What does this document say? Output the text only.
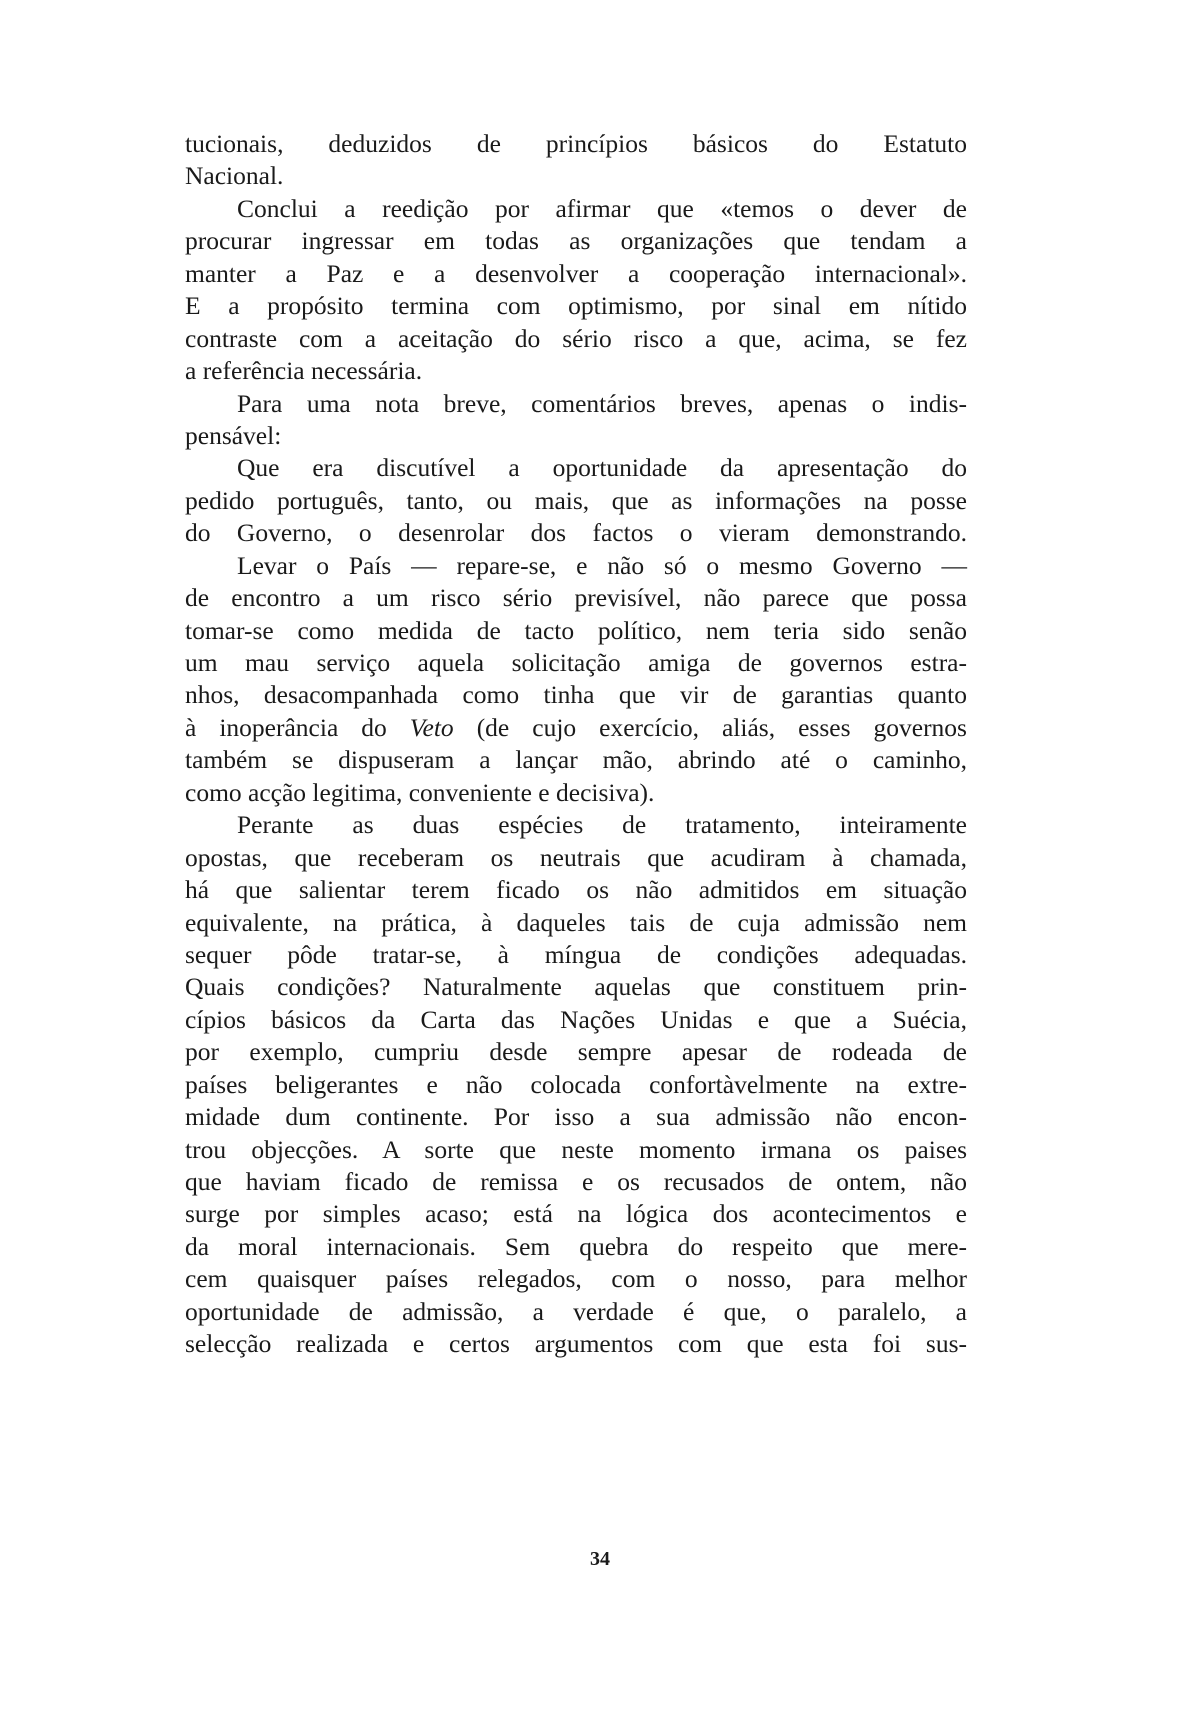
tucionais, deduzidos de princípios básicos do Estatuto
Nacional.
Conclui a reedição por afirmar que «temos o dever de
procurar ingressar em todas as organizações que tendam a
manter a Paz e a desenvolver a cooperação internacional».
E a propósito termina com optimismo, por sinal em nítido
contraste com a aceitação do sério risco a que, acima, se fez
a referência necessária.
Para uma nota breve, comentários breves, apenas o indis-
pensável:
Que era discutível a oportunidade da apresentação do
pedido português, tanto, ou mais, que as informações na posse
do Governo, o desenrolar dos factos o vieram demonstrando.
Levar o País — repare-se, e não só o mesmo Governo —
de encontro a um risco sério previsível, não parece que possa
tomar-se como medida de tacto político, nem teria sido senão
um mau serviço aquela solicitação amiga de governos estra-
nhos, desacompanhada como tinha que vir de garantias quanto
à inoperância do Veto (de cujo exercício, aliás, esses governos
também se dispuseram a lançar mão, abrindo até o caminho,
como acção legitima, conveniente e decisiva).
Perante as duas espécies de tratamento, inteiramente
opostas, que receberam os neutrais que acudiram à chamada,
há que salientar terem ficado os não admitidos em situação
equivalente, na prática, à daqueles tais de cuja admissão nem
sequer pôde tratar-se, à míngua de condições adequadas.
Quais condições? Naturalmente aquelas que constituem prin-
cípios básicos da Carta das Nações Unidas e que a Suécia,
por exemplo, cumpriu desde sempre apesar de rodeada de
países beligerantes e não colocada confortàvelmente na extre-
midade dum continente. Por isso a sua admissão não encon-
trou objecções. A sorte que neste momento irmana os paises
que haviam ficado de remissa e os recusados de ontem, não
surge por simples acaso; está na lógica dos acontecimentos e
da moral internacionais. Sem quebra do respeito que mere-
cem quaisquer países relegados, com o nosso, para melhor
oportunidade de admissão, a verdade é que, o paralelo, a
selecção realizada e certos argumentos com que esta foi sus-
34
